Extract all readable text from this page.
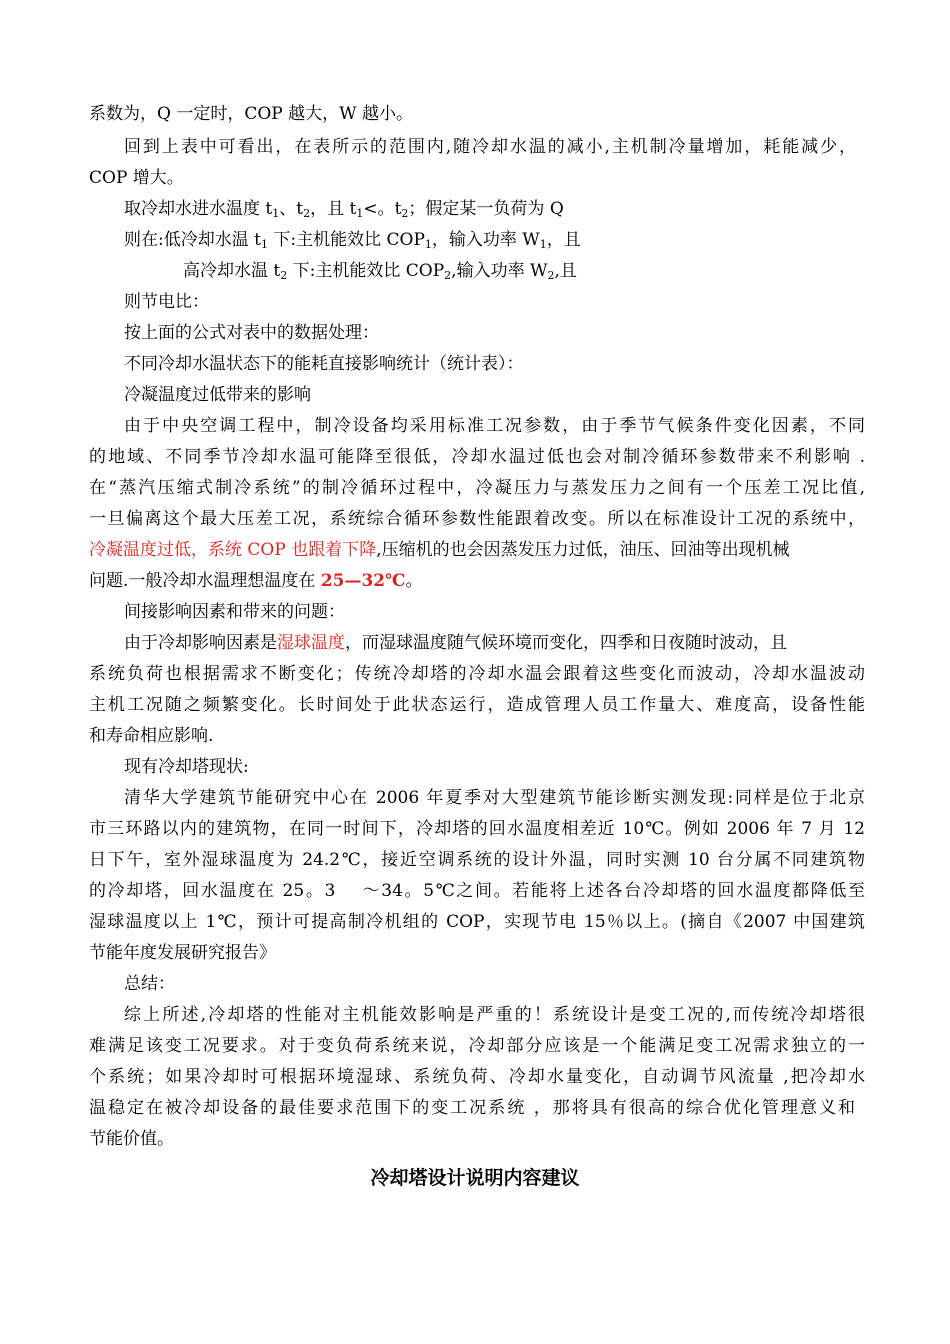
系数为，Q 一定时，COP 越大，W 越小。
回到上表中可看出，在表所示的范围内,随冷却水温的减小,主机制冷量增加，耗能减少，
COP 增大。
取冷却水进水温度 $t_1$、$t_2$，且 $t_1<$。$t_2$；假定某一负荷为 Q
则在:低冷却水温 $t_1$ 下:主机能效比 $COP_1$，输入功率 $W_1$，且
高冷却水温 $t_2$ 下:主机能效比 $COP_2$,输入功率 $W_2$,且
则节电比：
按上面的公式对表中的数据处理：
不同冷却水温状态下的能耗直接影响统计（统计表）：
冷凝温度过低带来的影响
由于中央空调工程中，制冷设备均采用标准工况参数，由于季节气候条件变化因素，不同
的地域、不同季节冷却水温可能降至很低，冷却水温过低也会对制冷循环参数带来不利影响 .
在“蒸汽压缩式制冷系统”的制冷循环过程中，冷凝压力与蒸发压力之间有一个压差工况比值,
一旦偏离这个最大压差工况，系统综合循环参数性能跟着改变。所以在标准设计工况的系统中，
冷凝温度过低，系统 COP 也跟着下降,压缩机的也会因蒸发压力过低，油压、回油等出现机械
问题.一般冷却水温理想温度在 25—32℃。
间接影响因素和带来的问题：
由于冷却影响因素是湿球温度，而湿球温度随气候环境而变化，四季和日夜随时波动，且
系统负荷也根据需求不断变化；传统冷却塔的冷却水温会跟着这些变化而波动，冷却水温波动
主机工况随之频繁变化。长时间处于此状态运行，造成管理人员工作量大、难度高，设备性能
和寿命相应影响.
现有冷却塔现状:
清华大学建筑节能研究中心在 2006 年夏季对大型建筑节能诊断实测发现:同样是位于北京
市三环路以内的建筑物，在同一时间下，冷却塔的回水温度相差近 10℃。例如 2006 年 7 月 12
日下午，室外湿球温度为 24.2℃，接近空调系统的设计外温，同时实测 10 台分属不同建筑物
的冷却塔，回水温度在 25。3　 ～34。5℃之间。若能将上述各台冷却塔的回水温度都降低至
湿球温度以上 1℃，预计可提高制冷机组的 COP，实现节电 15％以上。(摘自《2007 中国建筑
节能年度发展研究报告》
总结：
综上所述,冷却塔的性能对主机能效影响是严重的！系统设计是变工况的,而传统冷却塔很
难满足该变工况要求。对于变负荷系统来说，冷却部分应该是一个能满足变工况需求独立的一
个系统；如果冷却时可根据环境湿球、系统负荷、冷却水量变化，自动调节风流量 ,把冷却水
温稳定在被冷却设备的最佳要求范围下的变工况系统 ，那将具有很高的综合优化管理意义和
节能价值。
冷却塔设计说明内容建议
